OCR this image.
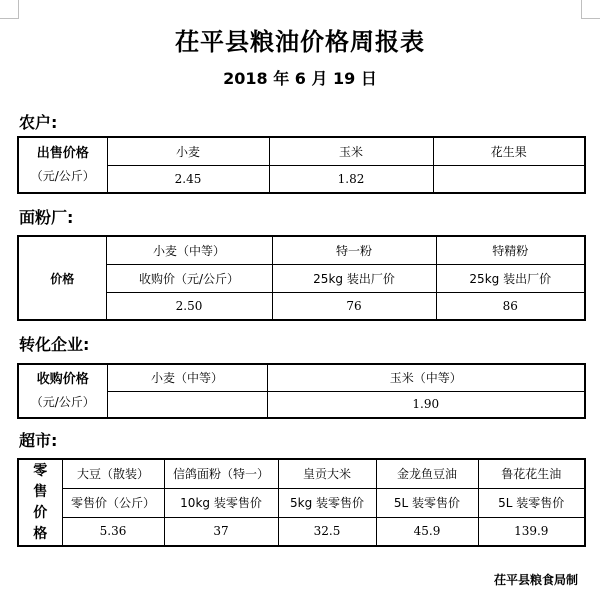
茌平县粮油价格周报表
2018 年 6 月 19 日
农户:
出售价格
（元/公斤）	小麦	玉米	花生果
	2.45	1.82	
面粉厂:
价格	小麦（中等）	特一粉	特精粉
	收购价（元/公斤）	25kg 装出厂价	25kg 装出厂价
	2.50	76	86
转化企业:
收购价格
（元/公斤）	小麦（中等）	玉米（中等）
		1.90
超市:
零售价格	大豆（散装）	信鸽面粉（特一）	皇贡大米	金龙鱼豆油	鲁花花生油
	零售价（公斤）	10kg 装零售价	5kg 装零售价	5L 装零售价	5L 装零售价
	5.36	37	32.5	45.9	139.9
茌平县粮食局制
